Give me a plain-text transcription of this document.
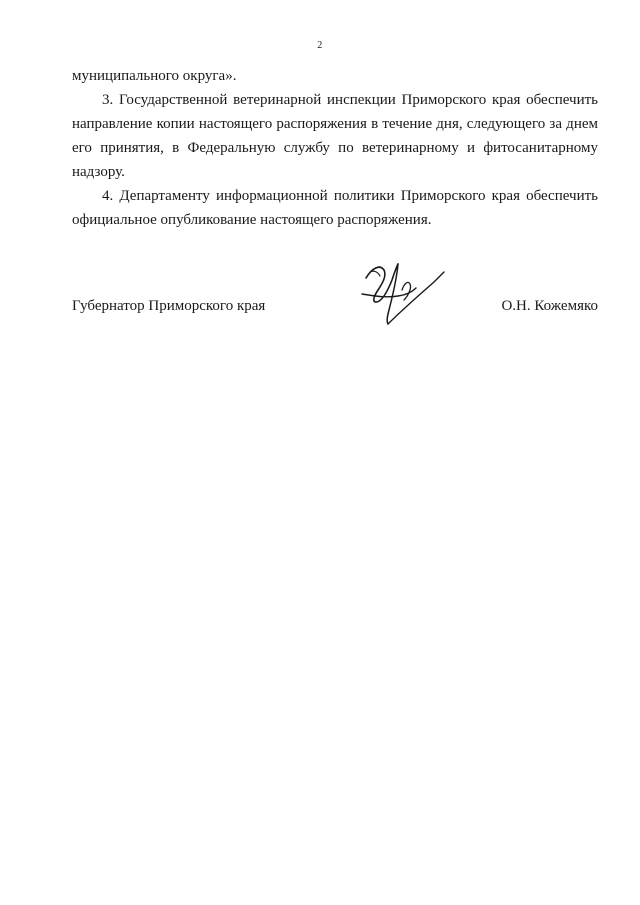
2

муниципального округа».

3. Государственной ветеринарной инспекции Приморского края обеспечить направление копии настоящего распоряжения в течение дня, следующего за днем его принятия, в Федеральную службу по ветеринарному и фитосанитарному надзору.

4. Департаменту информационной политики Приморского края обеспечить официальное опубликование настоящего распоряжения.

Губернатор Приморского края	О.Н. Кожемяко
